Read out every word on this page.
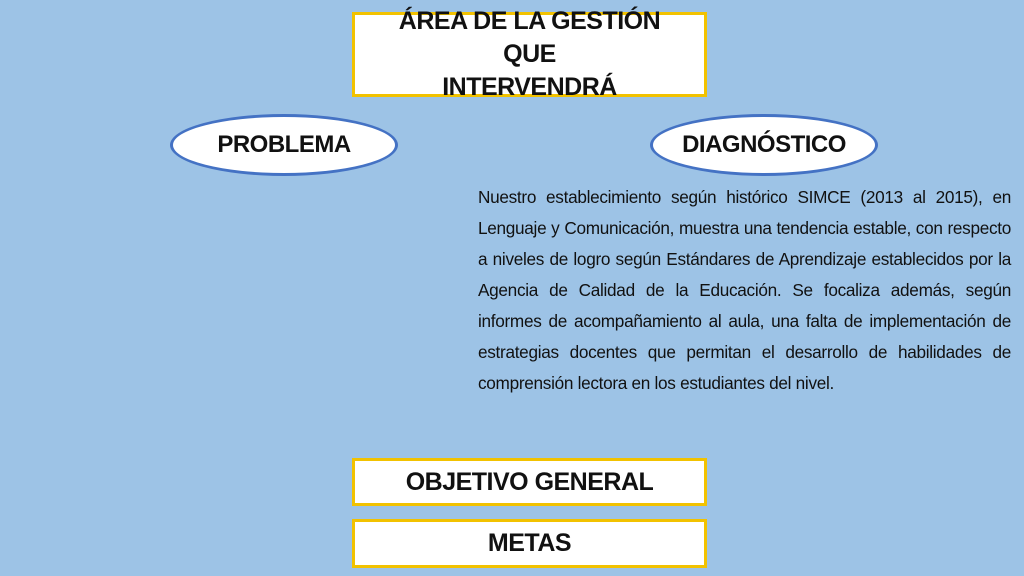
ÁREA DE LA GESTIÓN QUE
INTERVENDRÁ
PROBLEMA	DIAGNÓSTICO
Nuestro establecimiento según histórico SIMCE (2013 al 2015), en Lenguaje y Comunicación, muestra una tendencia estable, con respecto a niveles de logro según Estándares de Aprendizaje establecidos por la Agencia de Calidad de la Educación. Se focaliza además, según informes de acompañamiento al aula, una falta de implementación de estrategias docentes que permitan el desarrollo de habilidades de comprensión lectora en los estudiantes del nivel.
OBJETIVO GENERAL
METAS
